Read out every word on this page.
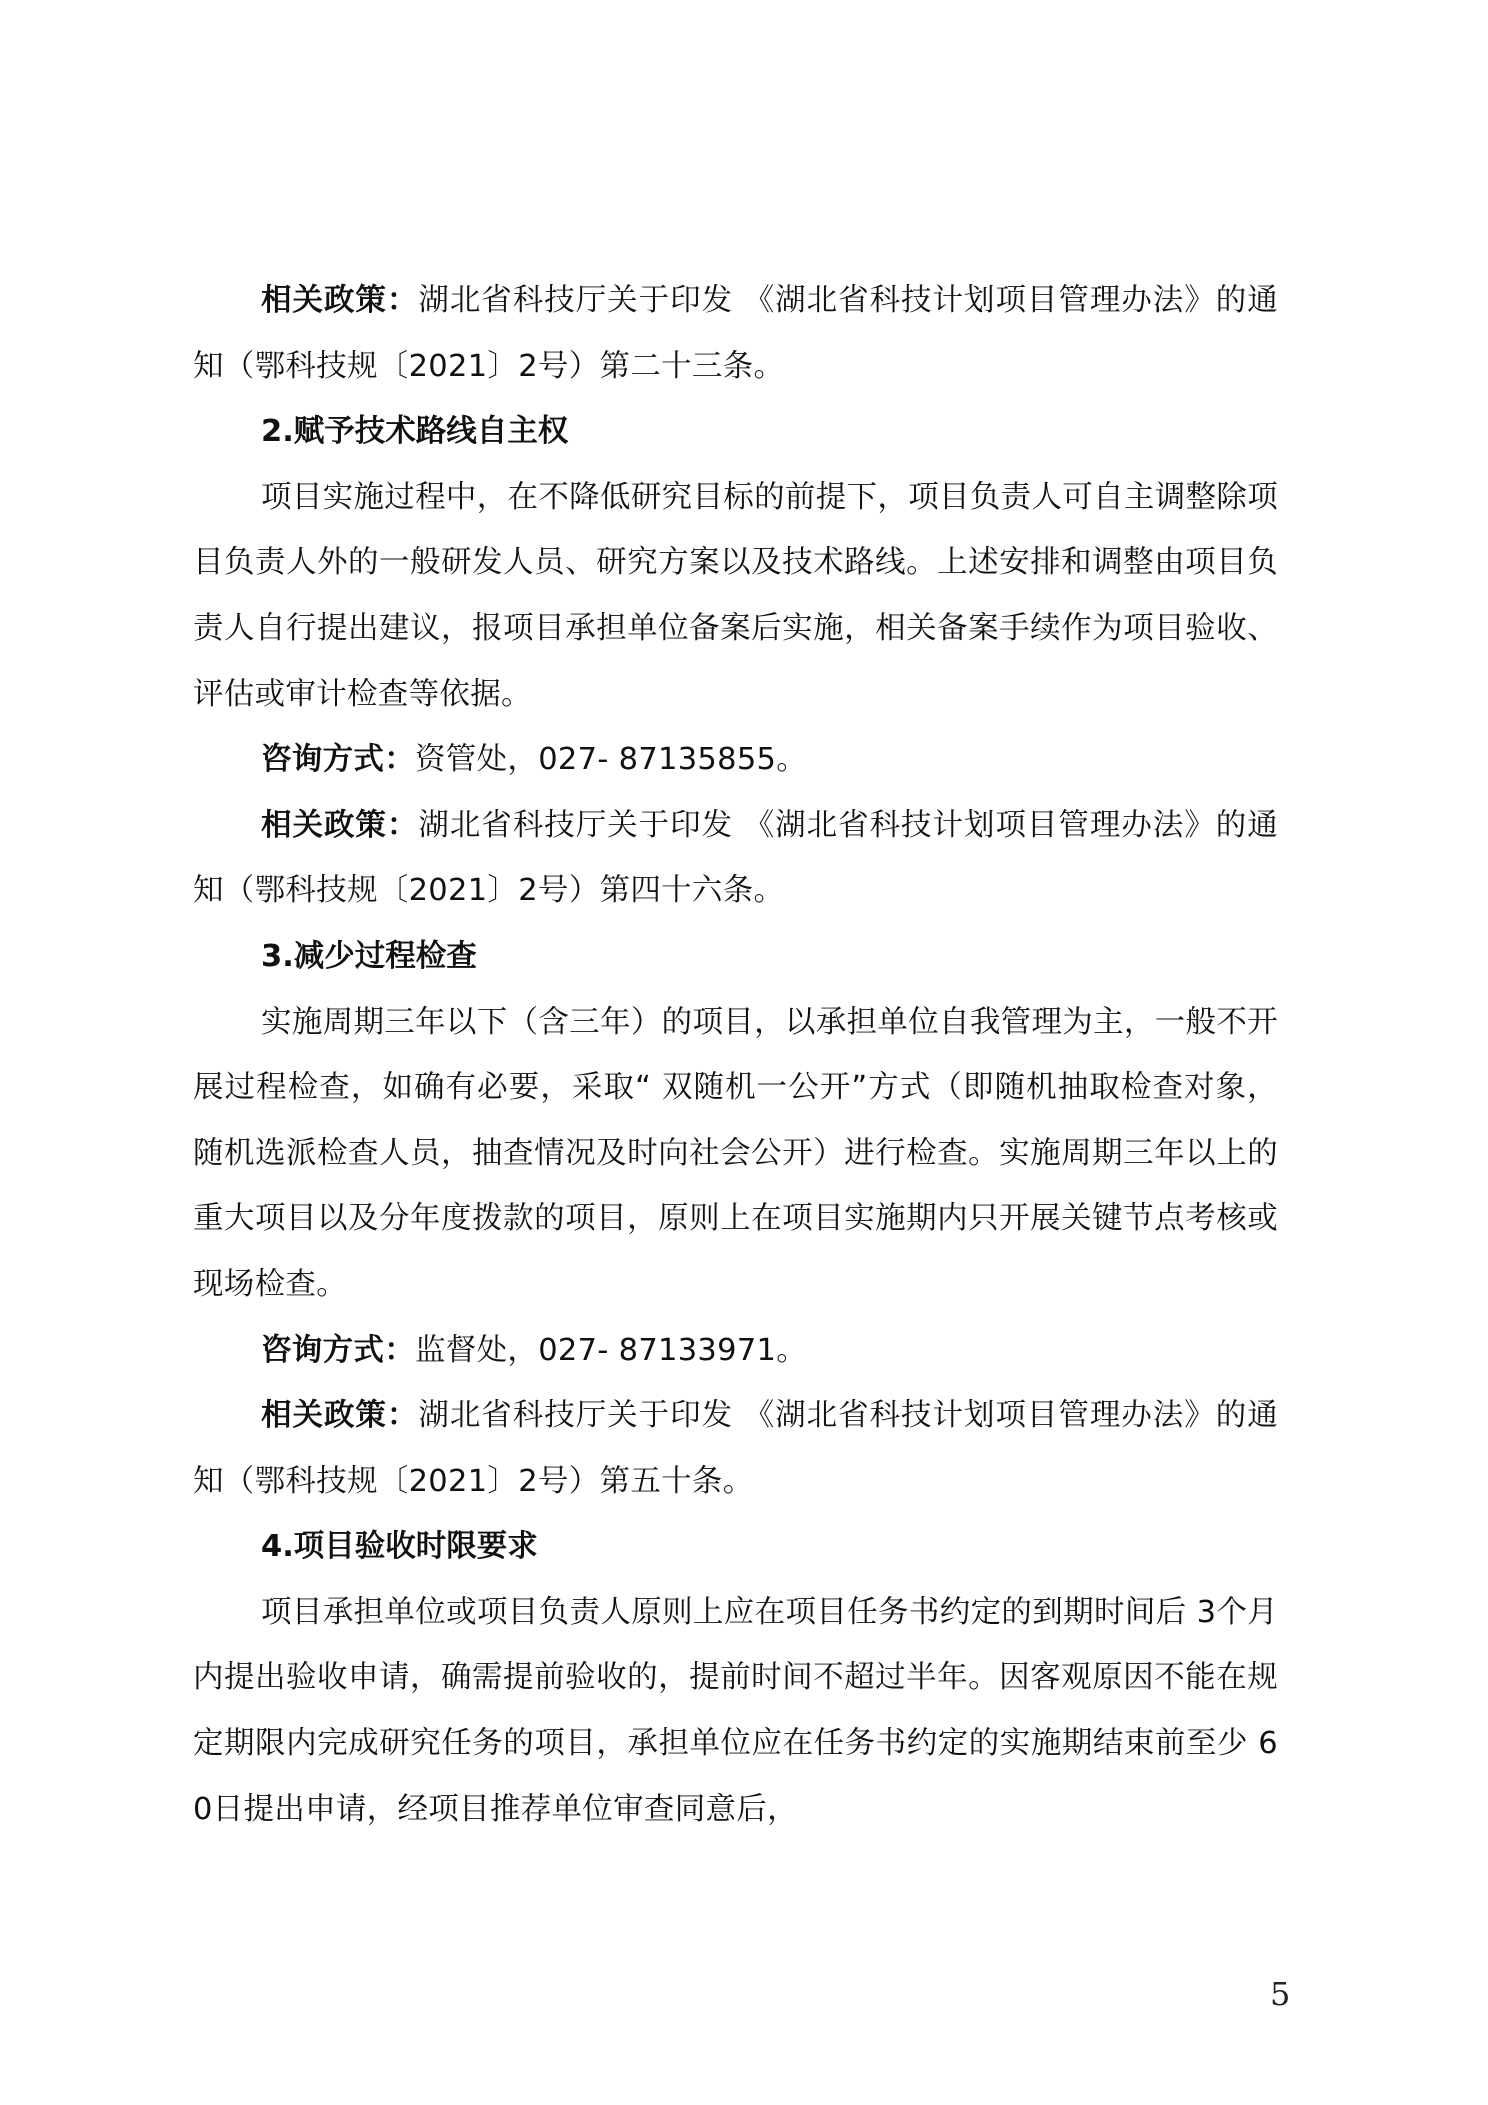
相关政策：湖北省科技厅关于印发 《湖北省科技计划项目管理办法》的通知（鄂科技规〔2021〕2号）第二十三条。

2.赋予技术路线自主权

项目实施过程中，在不降低研究目标的前提下，项目负责人可自主调整除项目负责人外的一般研发人员、研究方案以及技术路线。上述安排和调整由项目负责人自行提出建议，报项目承担单位备案后实施，相关备案手续作为项目验收、评估或审计检查等依据。

咨询方式：资管处，027- 87135855。

相关政策：湖北省科技厅关于印发 《湖北省科技计划项目管理办法》的通知（鄂科技规〔2021〕2号）第四十六条。

3.减少过程检查

实施周期三年以下（含三年）的项目，以承担单位自我管理为主，一般不开展过程检查，如确有必要，采取“ 双随机一公开”方式（即随机抽取检查对象，随机选派检查人员，抽查情况及时向社会公开）进行检查。实施周期三年以上的重大项目以及分年度拨款的项目，原则上在项目实施期内只开展关键节点考核或现场检查。

咨询方式：监督处，027- 87133971。

相关政策：湖北省科技厅关于印发 《湖北省科技计划项目管理办法》的通知（鄂科技规〔2021〕2号）第五十条。

4.项目验收时限要求

项目承担单位或项目负责人原则上应在项目任务书约定的到期时间后 3个月内提出验收申请，确需提前验收的，提前时间不超过半年。因客观原因不能在规定期限内完成研究任务的项目，承担单位应在任务书约定的实施期结束前至少 60日提出申请，经项目推荐单位审查同意后，

5
